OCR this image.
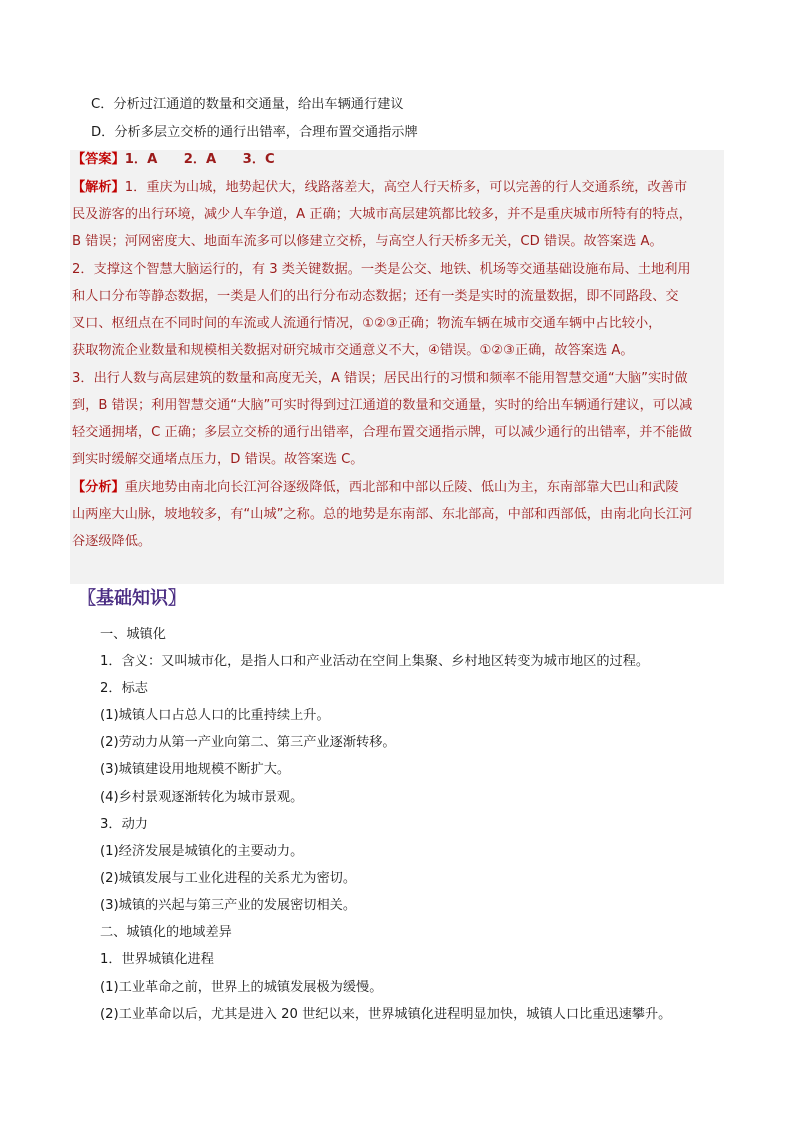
C．分析过江通道的数量和交通量，给出车辆通行建议
D．分析多层立交桥的通行出错率，合理布置交通指示牌
【答案】1．A　　2．A　　3．C
【解析】1．重庆为山城，地势起伏大，线路落差大，高空人行天桥多，可以完善的行人交通系统，改善市
民及游客的出行环境，减少人车争道，A 正确；大城市高层建筑都比较多，并不是重庆城市所特有的特点，
B 错误；河网密度大、地面车流多可以修建立交桥，与高空人行天桥多无关，CD 错误。故答案选 A。
2．支撑这个智慧大脑运行的，有 3 类关键数据。一类是公交、地铁、机场等交通基础设施布局、土地利用
和人口分布等静态数据，一类是人们的出行分布动态数据；还有一类是实时的流量数据，即不同路段、交
叉口、枢纽点在不同时间的车流或人流通行情况，①②③正确；物流车辆在城市交通车辆中占比较小，
获取物流企业数量和规模相关数据对研究城市交通意义不大，④错误。①②③正确，故答案选 A。
3．出行人数与高层建筑的数量和高度无关，A 错误；居民出行的习惯和频率不能用智慧交通“大脑”实时做
到，B 错误；利用智慧交通“大脑”可实时得到过江通道的数量和交通量，实时的给出车辆通行建议，可以减
轻交通拥堵，C 正确；多层立交桥的通行出错率，合理布置交通指示牌，可以减少通行的出错率，并不能做
到实时缓解交通堵点压力，D 错误。故答案选 C。
【分析】重庆地势由南北向长江河谷逐级降低，西北部和中部以丘陵、低山为主，东南部靠大巴山和武陵
山两座大山脉，坡地较多，有“山城”之称。总的地势是东南部、东北部高，中部和西部低，由南北向长江河
谷逐级降低。
〖基础知识〗
一、城镇化
1．含义：又叫城市化，是指人口和产业活动在空间上集聚、乡村地区转变为城市地区的过程。
2．标志
(1)城镇人口占总人口的比重持续上升。
(2)劳动力从第一产业向第二、第三产业逐渐转移。
(3)城镇建设用地规模不断扩大。
(4)乡村景观逐渐转化为城市景观。
3．动力
(1)经济发展是城镇化的主要动力。
(2)城镇发展与工业化进程的关系尤为密切。
(3)城镇的兴起与第三产业的发展密切相关。
二、城镇化的地域差异
1．世界城镇化进程
(1)工业革命之前，世界上的城镇发展极为缓慢。
(2)工业革命以后，尤其是进入 20 世纪以来，世界城镇化进程明显加快，城镇人口比重迅速攀升。
